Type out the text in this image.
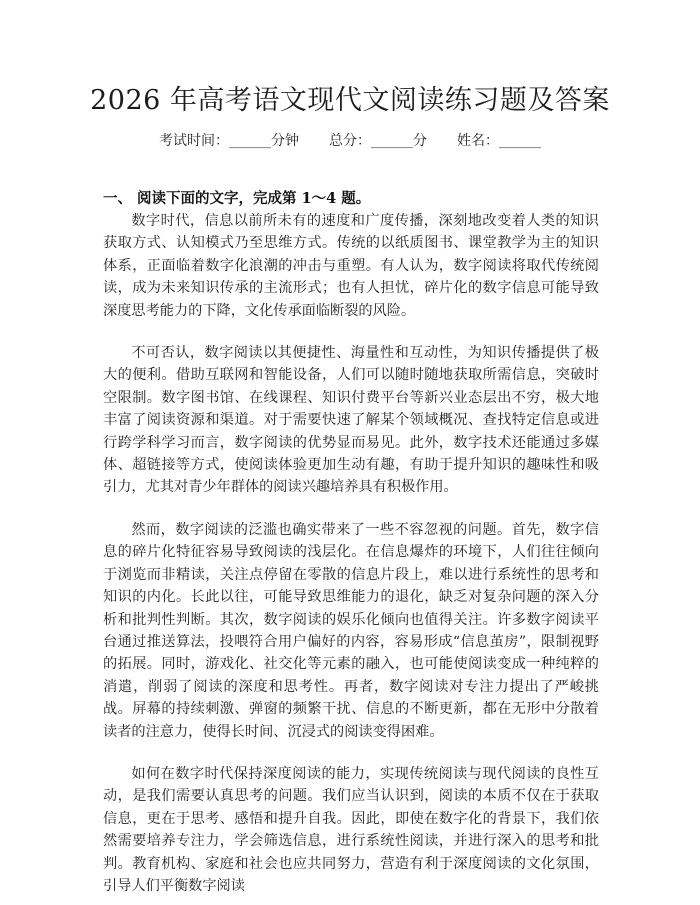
2026 年高考语文现代文阅读练习题及答案
考试时间：______分钟 总分：______分 姓名：______
一、 阅读下面的文字，完成第 1～4 题。

数字时代，信息以前所未有的速度和广度传播，深刻地改变着人类的知识获取方式、认知模式乃至思维方式。传统的以纸质图书、课堂教学为主的知识体系，正面临着数字化浪潮的冲击与重塑。有人认为，数字阅读将取代传统阅读，成为未来知识传承的主流形式；也有人担忧，碎片化的数字信息可能导致深度思考能力的下降，文化传承面临断裂的风险。

不可否认，数字阅读以其便捷性、海量性和互动性，为知识传播提供了极大的便利。借助互联网和智能设备，人们可以随时随地获取所需信息，突破时空限制。数字图书馆、在线课程、知识付费平台等新兴业态层出不穷，极大地丰富了阅读资源和渠道。对于需要快速了解某个领域概况、查找特定信息或进行跨学科学习而言，数字阅读的优势显而易见。此外，数字技术还能通过多媒体、超链接等方式，使阅读体验更加生动有趣，有助于提升知识的趣味性和吸引力，尤其对青少年群体的阅读兴趣培养具有积极作用。

然而，数字阅读的泛滥也确实带来了一些不容忽视的问题。首先，数字信息的碎片化特征容易导致阅读的浅层化。在信息爆炸的环境下，人们往往倾向于浏览而非精读，关注点停留在零散的信息片段上，难以进行系统性的思考和知识的内化。长此以往，可能导致思维能力的退化，缺乏对复杂问题的深入分析和批判性判断。其次，数字阅读的娱乐化倾向也值得关注。许多数字阅读平台通过推送算法，投喂符合用户偏好的内容，容易形成“信息茧房”，限制视野的拓展。同时，游戏化、社交化等元素的融入，也可能使阅读变成一种纯粹的消遣，削弱了阅读的深度和思考性。再者，数字阅读对专注力提出了严峻挑战。屏幕的持续刺激、弹窗的频繁干扰、信息的不断更新，都在无形中分散着读者的注意力，使得长时间、沉浸式的阅读变得困难。

如何在数字时代保持深度阅读的能力，实现传统阅读与现代阅读的良性互动，是我们需要认真思考的问题。我们应当认识到，阅读的本质不仅在于获取信息，更在于思考、感悟和提升自我。因此，即使在数字化的背景下，我们依然需要培养专注力，学会筛选信息，进行系统性阅读，并进行深入的思考和批判。教育机构、家庭和社会也应共同努力，营造有利于深度阅读的文化氛围，引导人们平衡数字阅读
